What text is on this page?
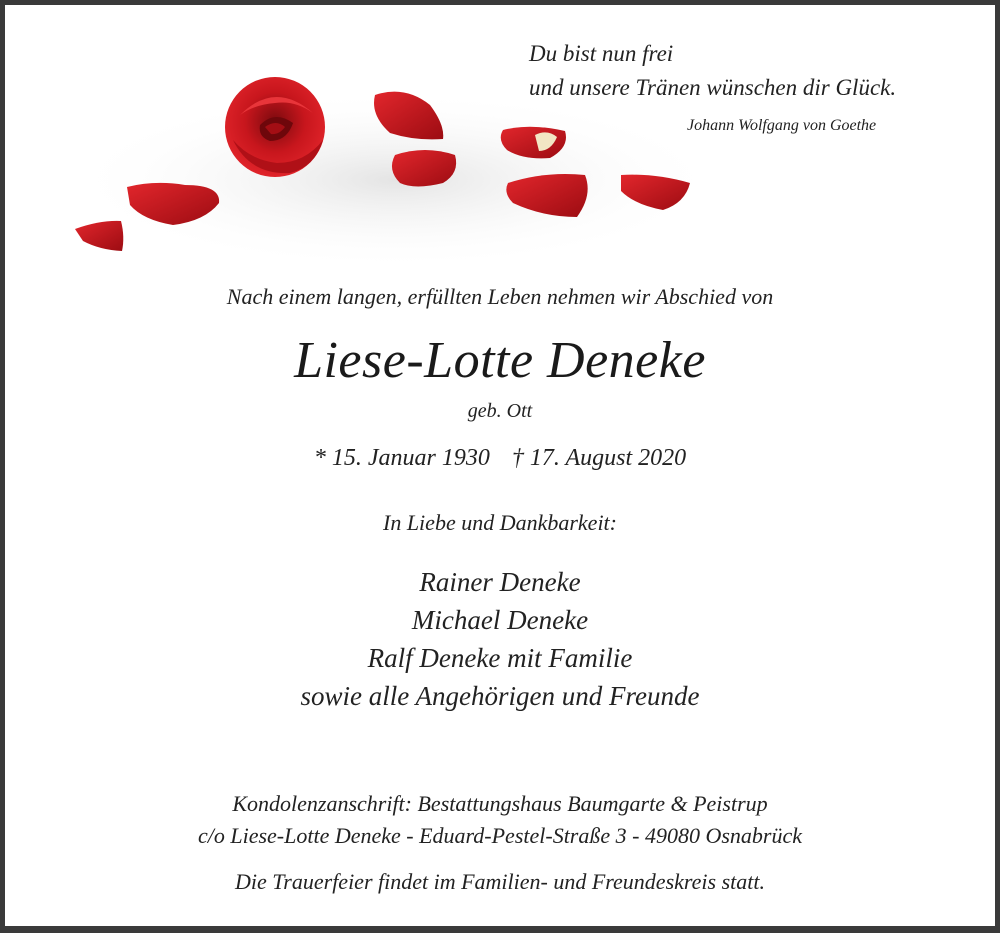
Du bist nun frei
und unsere Tränen wünschen dir Glück.
Johann Wolfgang von Goethe
Nach einem langen, erfüllten Leben nehmen wir Abschied von
Liese-Lotte Deneke
geb. Ott
* 15. Januar 1930 † 17. August 2020
In Liebe und Dankbarkeit:
Rainer Deneke
Michael Deneke
Ralf Deneke mit Familie
sowie alle Angehörigen und Freunde
Kondolenzanschrift: Bestattungshaus Baumgarte & Peistrup
c/o Liese-Lotte Deneke - Eduard-Pestel-Straße 3 - 49080 Osnabrück
Die Trauerfeier findet im Familien- und Freundeskreis statt.
